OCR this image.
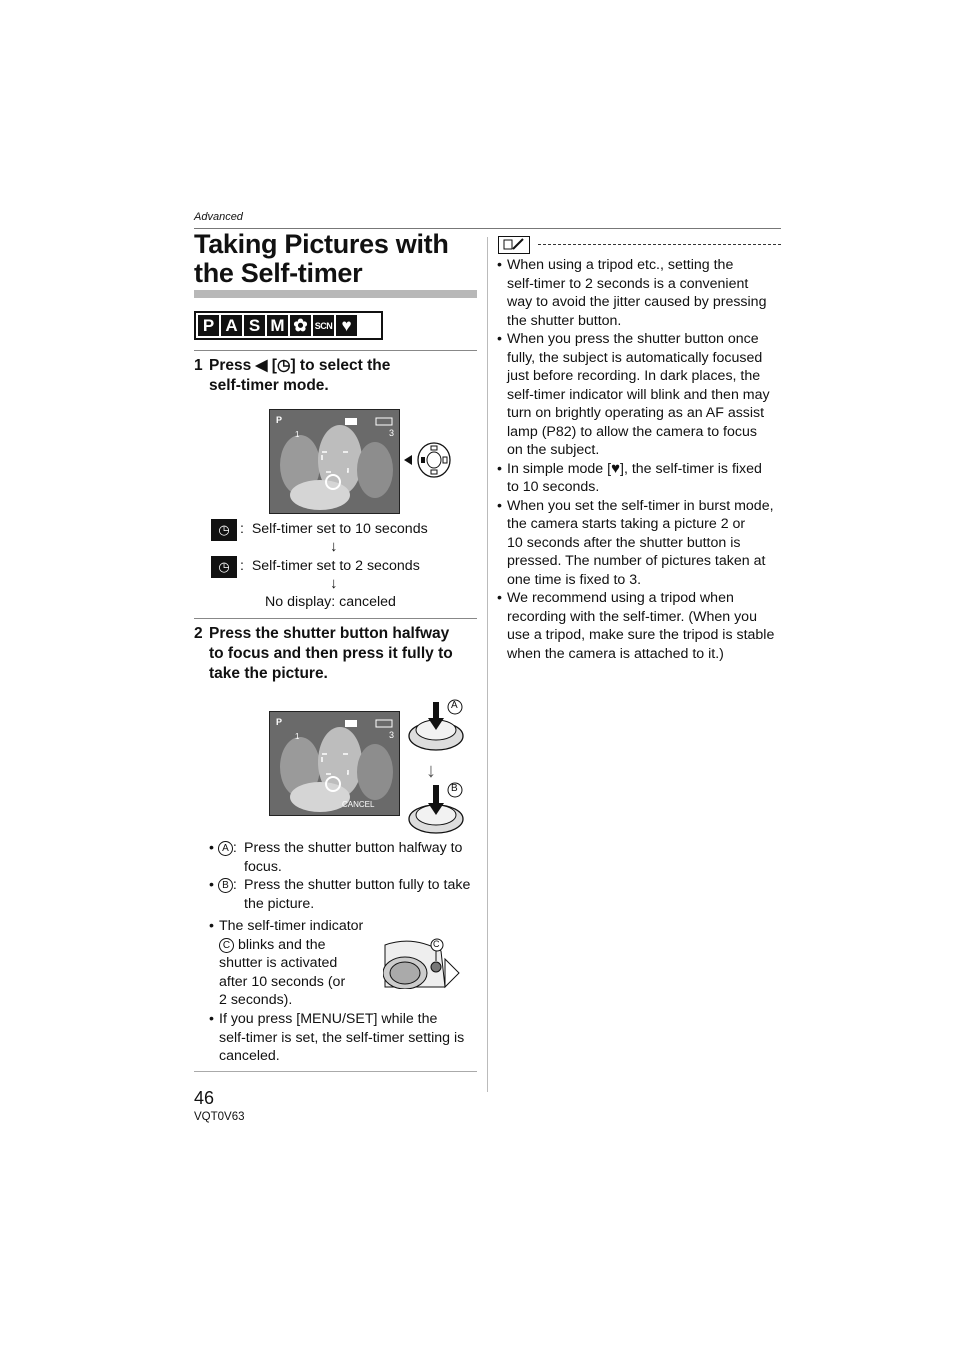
Advanced
Taking Pictures with the Self-timer
P A S M ✿ SCN ♥
1 Press ◀ [◷] to select the
self-timer mode.
P
3
1
◷ :  Self-timer set to 10 seconds
↓
◷ :  Self-timer set to 2 seconds
↓
No display: canceled
2 Press the shutter button halfway
to focus and then press it fully to
take the picture.
P
3
1
CANCEL
A
↓
B
• A : Press the shutter button halfway to

focus.
• B : Press the shutter button fully to take

the picture.
• The self-timer indicator
C blinks and the
shutter is activated
after 10 seconds (or
2 seconds).
C
• If you press [MENU/SET] while the
self-timer is set, the self-timer setting is
canceled.
• When using a tripod etc., setting the
self-timer to 2 seconds is a convenient
way to avoid the jitter caused by pressing
the shutter button.
• When you press the shutter button once
fully, the subject is automatically focused
just before recording. In dark places, the
self-timer indicator will blink and then may
turn on brightly operating as an AF assist
lamp (P82) to allow the camera to focus
on the subject.
• In simple mode [♥], the self-timer is fixed
to 10 seconds.
• When you set the self-timer in burst mode,
the camera starts taking a picture 2 or
10 seconds after the shutter button is
pressed. The number of pictures taken at
one time is fixed to 3.
• We recommend using a tripod when
recording with the self-timer. (When you
use a tripod, make sure the tripod is stable
when the camera is attached to it.)
46
VQT0V63
